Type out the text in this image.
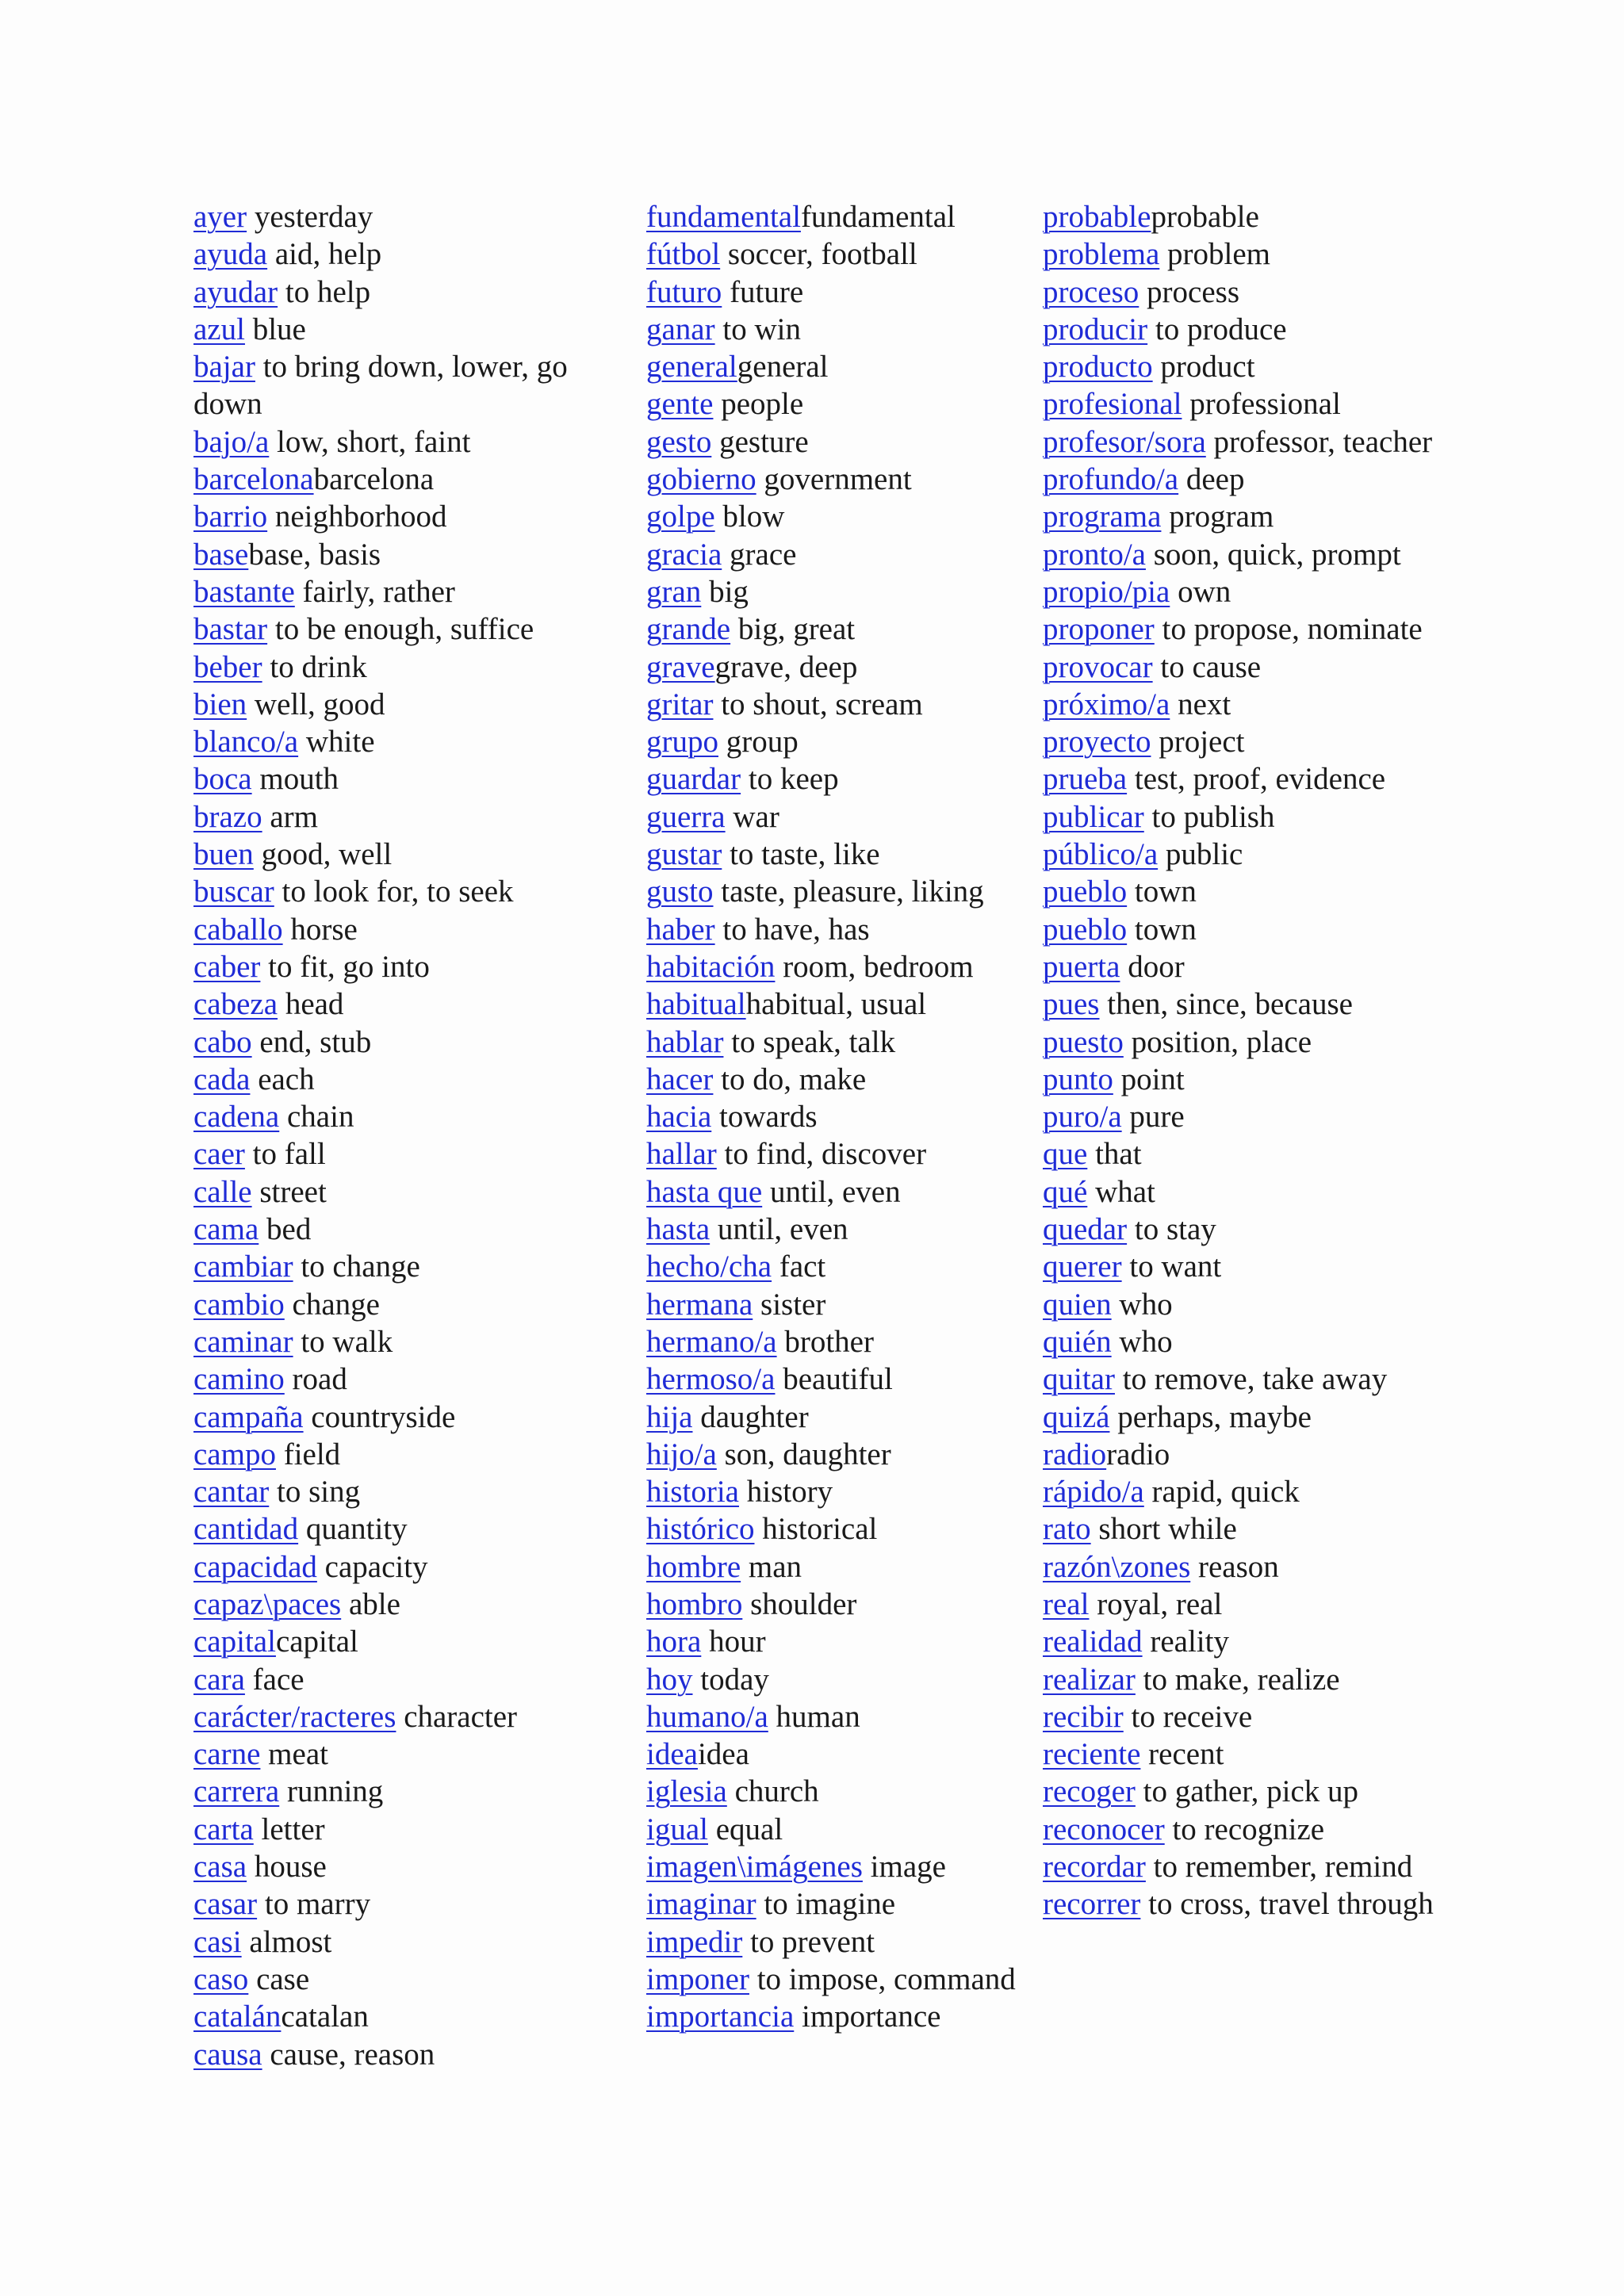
ayer yesterday
ayuda aid, help
ayudar to help
azul blue
bajar to bring down, lower, go down
bajo/a low, short, faint
barcelonabarcelona
barrio neighborhood
basebase, basis
bastante fairly, rather
bastar to be enough, suffice
beber to drink
bien well, good
blanco/a white
boca mouth
brazo arm
buen good, well
buscar to look for, to seek
caballo horse
caber to fit, go into
cabeza head
cabo end, stub
cada each
cadena chain
caer to fall
calle street
cama bed
cambiar to change
cambio change
caminar to walk
camino road
campaña countryside
campo field
cantar to sing
cantidad quantity
capacidad capacity
capaz\paces able
capitalcapital
cara face
carácter/racteres character
carne meat
carrera running
carta letter
casa house
casar to marry
casi almost
caso case
cataláncatalan
causa cause, reason
fundamentalfundamental
fútbol soccer, football
futuro future
ganar to win
generalgeneral
gente people
gesto gesture
gobierno government
golpe blow
gracia grace
gran big
grande big, great
gravegrave, deep
gritar to shout, scream
grupo group
guardar to keep
guerra war
gustar to taste, like
gusto taste, pleasure, liking
haber to have, has
habitación room, bedroom
habitualhabitual, usual
hablar to speak, talk
hacer to do, make
hacia towards
hallar to find, discover
hasta que until, even
hasta until, even
hecho/cha fact
hermana sister
hermano/a brother
hermoso/a beautiful
hija daughter
hijo/a son, daughter
historia history
histórico historical
hombre man
hombro shoulder
hora hour
hoy today
humano/a human
ideaidea
iglesia church
igual equal
imagen\imágenes image
imaginar to imagine
impedir to prevent
imponer to impose, command
importancia importance
probableprobable
problema problem
proceso process
producir to produce
producto product
profesional professional
profesor/sora professor, teacher
profundo/a deep
programa program
pronto/a soon, quick, prompt
propio/pia own
proponer to propose, nominate
provocar to cause
próximo/a next
proyecto project
prueba test, proof, evidence
publicar to publish
público/a public
pueblo town
pueblo town
puerta door
pues then, since, because
puesto position, place
punto point
puro/a pure
que that
qué what
quedar to stay
querer to want
quien who
quién who
quitar to remove, take away
quizá perhaps, maybe
radioradio
rápido/a rapid, quick
rato short while
razón\zones reason
real royal, real
realidad reality
realizar to make, realize
recibir to receive
reciente recent
recoger to gather, pick up
reconocer to recognize
recordar to remember, remind
recorrer to cross, travel through
